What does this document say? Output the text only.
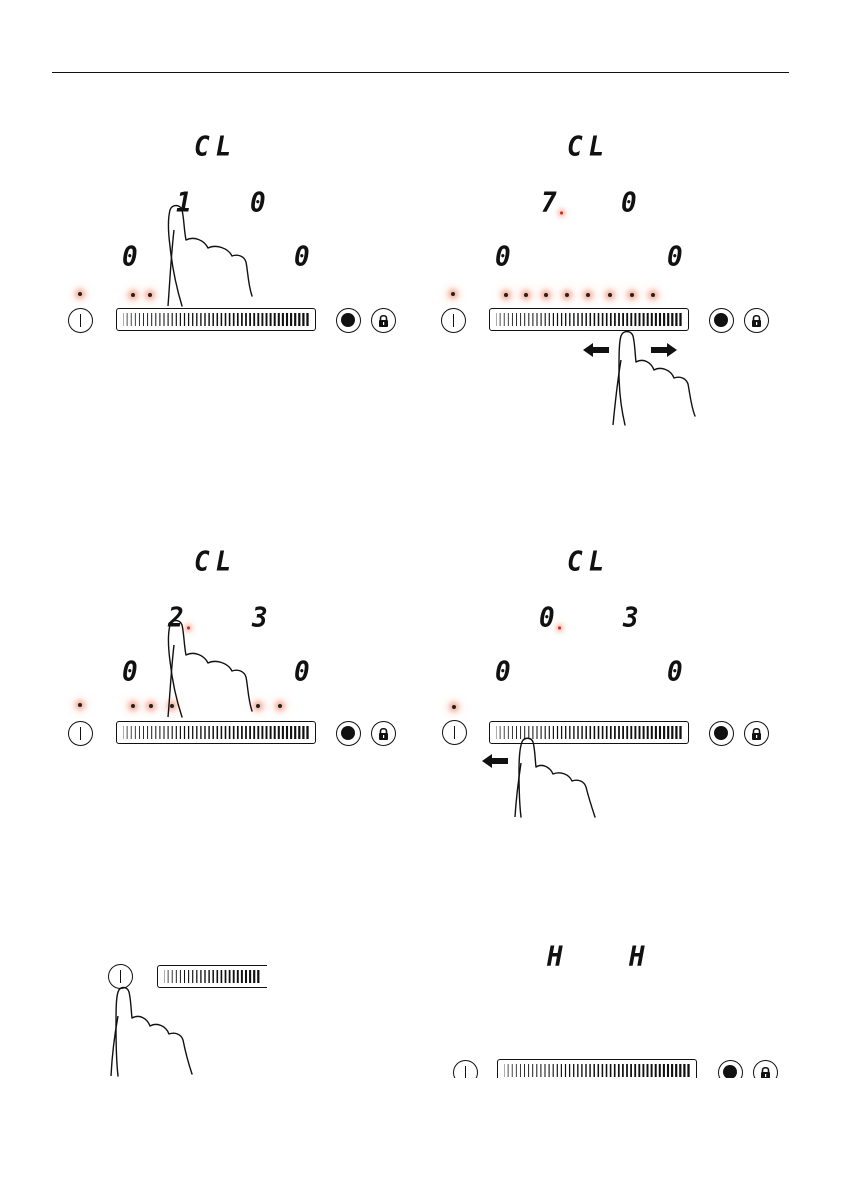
CL
1 0
0	0
CL
7 0
0	0
CL
2	3
0	0
CL
0	3
0	0
H	H
